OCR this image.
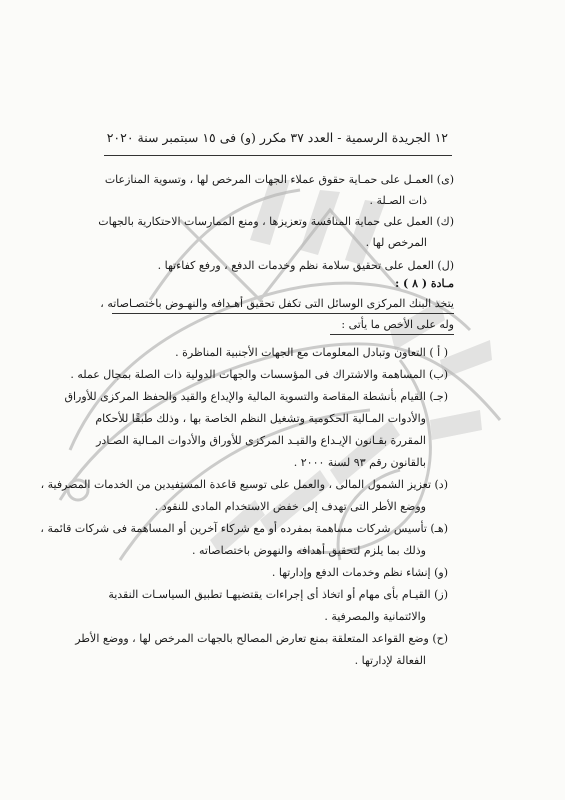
١٢ الجريدة الرسمية - العدد ٣٧ مكرر (و) فى ١٥ سبتمبر سنة ٢٠٢٠
(ى) العمـل على حمـاية حقوق عملاء الجهات المرخص لها ، وتسوية المنازعات
ذات الصـلة .
(ك) العمل على حماية المنافسة وتعزيزها ، ومنع الممارسات الاحتكارية بالجهات
المرخص لها .
(ل) العمل على تحقيق سلامة نظم وخدمات الدفع ، ورفع كفاءتها .
مـادة ( ٨ ) :
يتخذ البنك المركزى الوسائل التى تكفل تحقيق أهـدافه والنهـوض باختصـاصاته ،
وله على الأخص ما يأتى :
( أ ) التعاون وتبادل المعلومات مع الجهات الأجنبية المناظرة .
(ب) المساهمة والاشتراك فى المؤسسات والجهات الدولية ذات الصلة بمجال عمله .
(جـ) القيام بأنشطة المقاصة والتسوية المالية والإيداع والقيد والحفظ المركزى للأوراق
والأدوات المـالية الحكومية وتشغيل النظم الخاصة بها ، وذلك طبقًا للأحكام
المقررة بقـانون الإيـداع والقيـد المركزى للأوراق والأدوات المـالية الصـادر
بالقانون رقم ٩٣ لسنة ٢٠٠٠ .
(د) تعزيز الشمول المالى ، والعمل على توسيع قاعدة المستفيدين من الخدمات المصرفية ،
ووضع الأطر التى تهدف إلى خفض الاستخدام المادى للنقود .
(هـ) تأسيس شركات مساهمة بمفرده أو مع شركاء آخرين أو المساهمة فى شركات قائمة ،
وذلك بما يلزم لتحقيق أهدافه والنهوض باختصاصاته .
(و) إنشاء نظم وخدمات الدفع وإدارتها .
(ز) القيـام بأى مهام أو اتخاذ أى إجراءات يقتضيهـا تطبيق السياسـات النقدية
والائتمانية والمصرفية .
(ح) وضع القواعد المتعلقة بمنع تعارض المصالح بالجهات المرخص لها ، ووضع الأطر
الفعالة لإدارتها .
